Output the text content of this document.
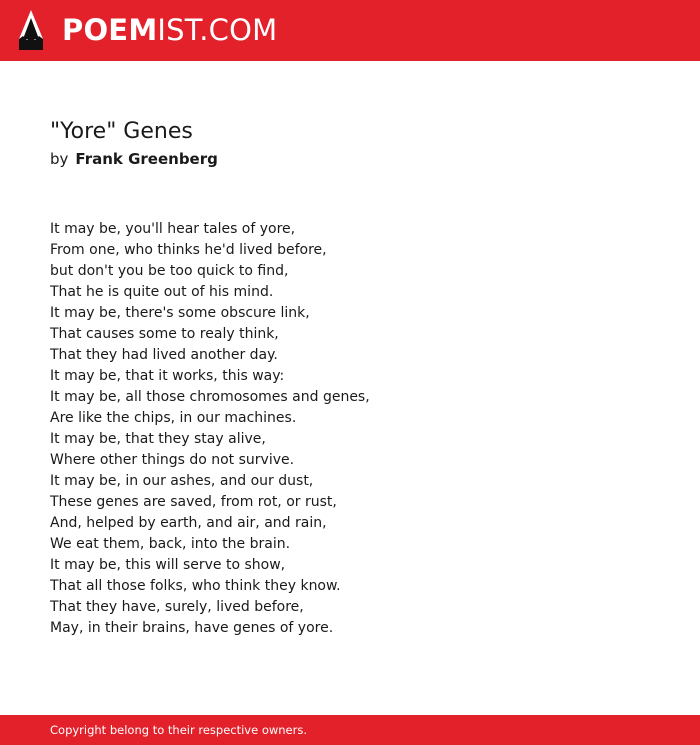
POEMIST.COM
"Yore" Genes
by Frank Greenberg
It may be, you'll hear tales of yore,
From one, who thinks he'd lived before,
but don't you be too quick to find,
That he is quite out of his mind.
It may be, there's some obscure link,
That causes some to realy think,
That they had lived another day.
It may be, that it works, this way:
It may be, all those chromosomes and genes,
Are like the chips, in our machines.
It may be, that they stay alive,
Where other things do not survive.
It may be, in our ashes, and our dust,
These genes are saved, from rot, or rust,
And, helped by earth, and air, and rain,
We eat them, back, into the brain.
It may be, this will serve to show,
That all those folks, who think they know.
That they have, surely, lived before,
May, in their brains, have genes of yore.
Copyright belong to their respective owners.
